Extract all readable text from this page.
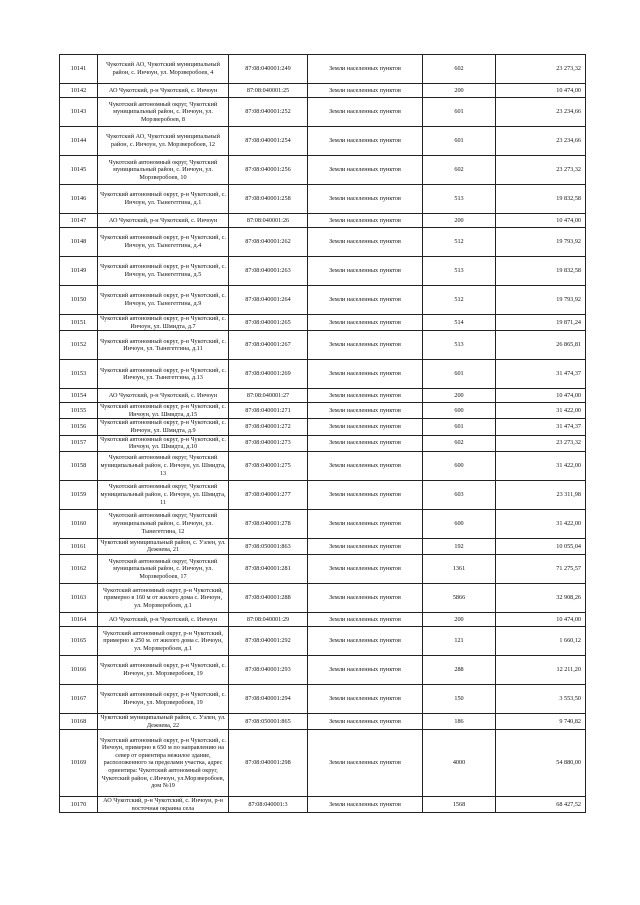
10141	Чукотский АО, Чукотский муниципальный район, с. Инчоун, ул. Морзверобоев, 4	87:08:040001:249	Земли населенных пунктов	602	23 273,32
10142	АО Чукотский, р-н Чукотский, с. Инчоун	87:08:040001:25	Земли населенных пунктов	200	10 474,00
10143	Чукотский автономный округ, Чукотский муниципальный район, с. Инчоун, ул. Морзверобоев, 8	87:08:040001:252	Земли населенных пунктов	601	23 234,66
10144	Чукотский АО, Чукотский муниципальный район, с. Инчоун, ул. Морзверобоев, 12	87:08:040001:254	Земли населенных пунктов	601	23 234,66
10145	Чукотский автономный округ, Чукотский муниципальный район, с. Инчоун, ул. Морзверобоев, 10	87:08:040001:256	Земли населенных пунктов	602	23 273,32
10146	Чукотский автономный округ, р-н Чукотский, с. Инчоун, ул. Тынегетгина, д.1	87:08:040001:258	Земли населенных пунктов	513	19 832,58
10147	АО Чукотский, р-н Чукотский, с. Инчоун	87:08:040001:26	Земли населенных пунктов	200	10 474,00
10148	Чукотский автономный округ, р-н Чукотский, с. Инчоун, ул. Тынегетгина, д.4	87:08:040001:262	Земли населенных пунктов	512	19 793,92
10149	Чукотский автономный округ, р-н Чукотский, с. Инчоун, ул. Тынегетгина, д.5	87:08:040001:263	Земли населенных пунктов	513	19 832,58
10150	Чукотский автономный округ, р-н Чукотский, с. Инчоун, ул. Тынегетгина, д.9	87:08:040001:264	Земли населенных пунктов	512	19 793,92
10151	Чукотский автономный округ, р-н Чукотский, с. Инчоун, ул. Шмидта, д.7	87:08:040001:265	Земли населенных пунктов	514	19 871,24
10152	Чукотский автономный округ, р-н Чукотский, с. Инчоун, ул. Тынегетгина, д.11	87:08:040001:267	Земли населенных пунктов	513	26 865,81
10153	Чукотский автономный округ, р-н Чукотский, с. Инчоун, ул. Тынегетгина, д.13	87:08:040001:269	Земли населенных пунктов	601	31 474,37
10154	АО Чукотский, р-н Чукотский, с. Инчоун	87:08:040001:27	Земли населенных пунктов	200	10 474,00
10155	Чукотский автономный округ, р-н Чукотский, с. Инчоун, ул. Шмидта, д.15	87:08:040001:271	Земли населенных пунктов	600	31 422,00
10156	Чукотский автономный округ, р-н Чукотский, с. Инчоун, ул. Шмидта, д.9	87:08:040001:272	Земли населенных пунктов	601	31 474,37
10157	Чукотский автономный округ, р-н Чукотский, с. Инчоун, ул. Шмидта, д.10	87:08:040001:273	Земли населенных пунктов	602	23 273,32
10158	Чукотский автономный округ, Чукотский муниципальный район, с. Инчоун, ул. Шмидта, 13	87:08:040001:275	Земли населенных пунктов	600	31 422,00
10159	Чукотский автономный округ, Чукотский муниципальный район, с. Инчоун, ул. Шмидта, 11	87:08:040001:277	Земли населенных пунктов	603	23 311,98
10160	Чукотский автономный округ, Чукотский муниципальный район, с. Инчоун, ул. Тынегетгина, 12	87:08:040001:278	Земли населенных пунктов	600	31 422,00
10161	Чукотский муниципальный район, с. Уэлен, ул. Дежнева, 21	87:08:050001:863	Земли населенных пунктов	192	10 055,04
10162	Чукотский автономный округ, Чукотский муниципальный район, с. Инчоун, ул. Морзверобоев, 17	87:08:040001:281	Земли населенных пунктов	1361	71 275,57
10163	Чукотский автономный округ, р-н Чукотский, примерно в 160 м от жилого дома с. Инчоун, ул. Морзверобоев, д.1	87:08:040001:288	Земли населенных пунктов	5866	32 908,26
10164	АО Чукотский, р-н Чукотский, с. Инчоун	87:08:040001:29	Земли населенных пунктов	200	10 474,00
10165	Чукотский автономный округ, р-н Чукотский, примерно в 250 м. от жилого дома с. Инчоун, ул. Морзверобоев, д.1	87:08:040001:292	Земли населенных пунктов	121	1 660,12
10166	Чукотский автономный округ, р-н Чукотский, с. Инчоун, ул. Морзверобоев, 19	87:08:040001:293	Земли населенных пунктов	288	12 211,20
10167	Чукотский автономный округ, р-н Чукотский, с. Инчоун, ул. Морзверобоев, 19	87:08:040001:294	Земли населенных пунктов	150	3 553,50
10168	Чукотский муниципальный район, с. Уэлен, ул. Дежнева, 22	87:08:050001:865	Земли населенных пунктов	186	9 740,82
10169	Чукотский автономный округ, р-н Чукотский, с. Инчоун, примерно в 650 м по направлению на север от ориентира нежилое здание, расположенного за пределами участка, адрес ориентира: Чукотский автономный округ, Чукотский район, с.Инчоун, ул.Морзверобоев, дом №19	87:08:040001:298	Земли населенных пунктов	4000	54 880,00
10170	АО Чукотский, р-н Чукотский, с. Инчоун, р-н восточная окраина села	87:08:040001:3	Земли населенных пунктов	1568	68 427,52
